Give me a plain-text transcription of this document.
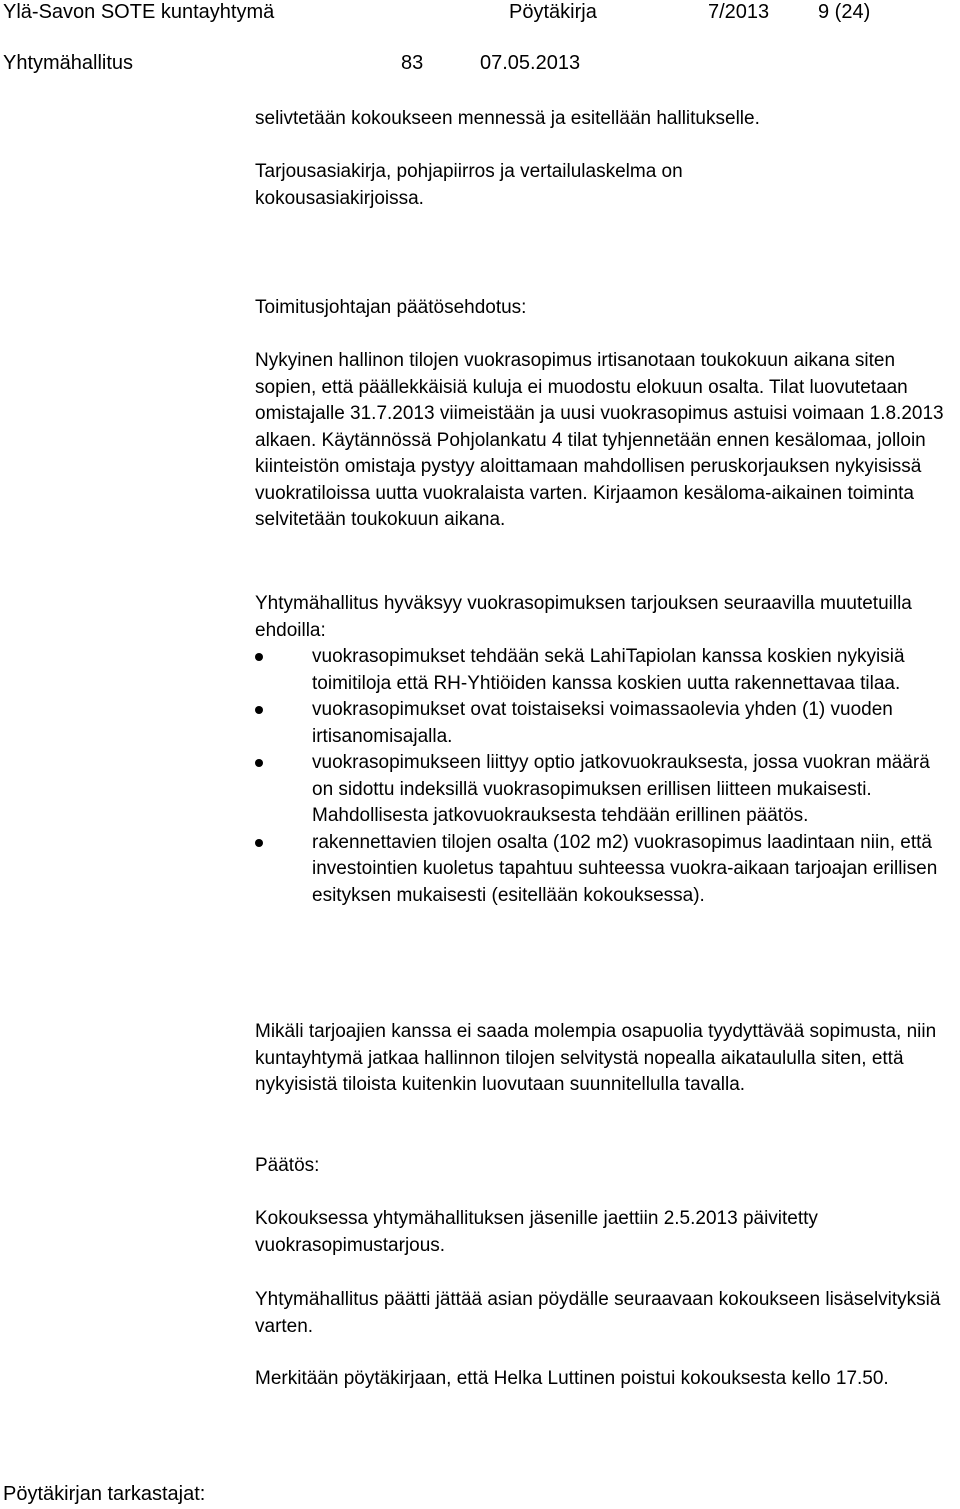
Ylä-Savon SOTE kuntayhtymä	Pöytäkirja	7/2013 9 (24)
Yhtymähallitus	83	07.05.2013

selivtetään kokoukseen mennessä ja esitellään hallitukselle.

Tarjousasiakirja, pohjapiirros ja vertailulaskelma on kokousasiakirjoissa.

Toimitusjohtajan päätösehdotus:

Nykyinen hallinon tilojen vuokrasopimus irtisanotaan toukokuun aikana siten sopien, että päällekkäisiä kuluja ei muodostu elokuun osalta. Tilat luovutetaan omistajalle 31.7.2013 viimeistään ja uusi vuokrasopimus astuisi voimaan 1.8.2013 alkaen. Käytännössä Pohjolankatu 4 tilat tyhjennetään ennen kesälomaa, jolloin kiinteistön omistaja pystyy aloittamaan mahdollisen peruskorjauksen nykyisissä vuokratiloissa uutta vuokralaista varten. Kirjaamon kesäloma-aikainen toiminta selvitetään toukokuun aikana.

Yhtymähallitus hyväksyy vuokrasopimuksen tarjouksen seuraavilla muutetuilla ehdoilla:

vuokrasopimukset tehdään sekä LahiTapiolan kanssa koskien nykyisiä toimitiloja että RH-Yhtiöiden kanssa koskien uutta rakennettavaa tilaa.
vuokrasopimukset ovat toistaiseksi voimassaolevia yhden (1) vuoden irtisanomisajalla.
vuokrasopimukseen liittyy optio jatkovuokrauksesta, jossa vuokran määrä on sidottu indeksillä vuokrasopimuksen erillisen liitteen mukaisesti. Mahdollisesta jatkovuokrauksesta tehdään erillinen päätös.
rakennettavien tilojen osalta (102 m2) vuokrasopimus laadintaan niin, että investointien kuoletus tapahtuu suhteessa vuokra-aikaan tarjoajan erillisen esityksen mukaisesti (esitellään kokouksessa).

Mikäli tarjoajien kanssa ei saada molempia osapuolia tyydyttävää sopimusta, niin kuntayhtymä jatkaa hallinnon tilojen selvitystä nopealla aikataululla siten, että nykyisistä tiloista kuitenkin luovutaan suunnitellulla tavalla.

Päätös:

Kokouksessa yhtymähallituksen jäsenille jaettiin 2.5.2013 päivitetty vuokrasopimustarjous.

Yhtymähallitus päätti jättää asian pöydälle seuraavaan kokoukseen lisäselvityksiä varten.

Merkitään pöytäkirjaan, että Helka Luttinen poistui kokouksesta kello 17.50.

Pöytäkirjan tarkastajat:
